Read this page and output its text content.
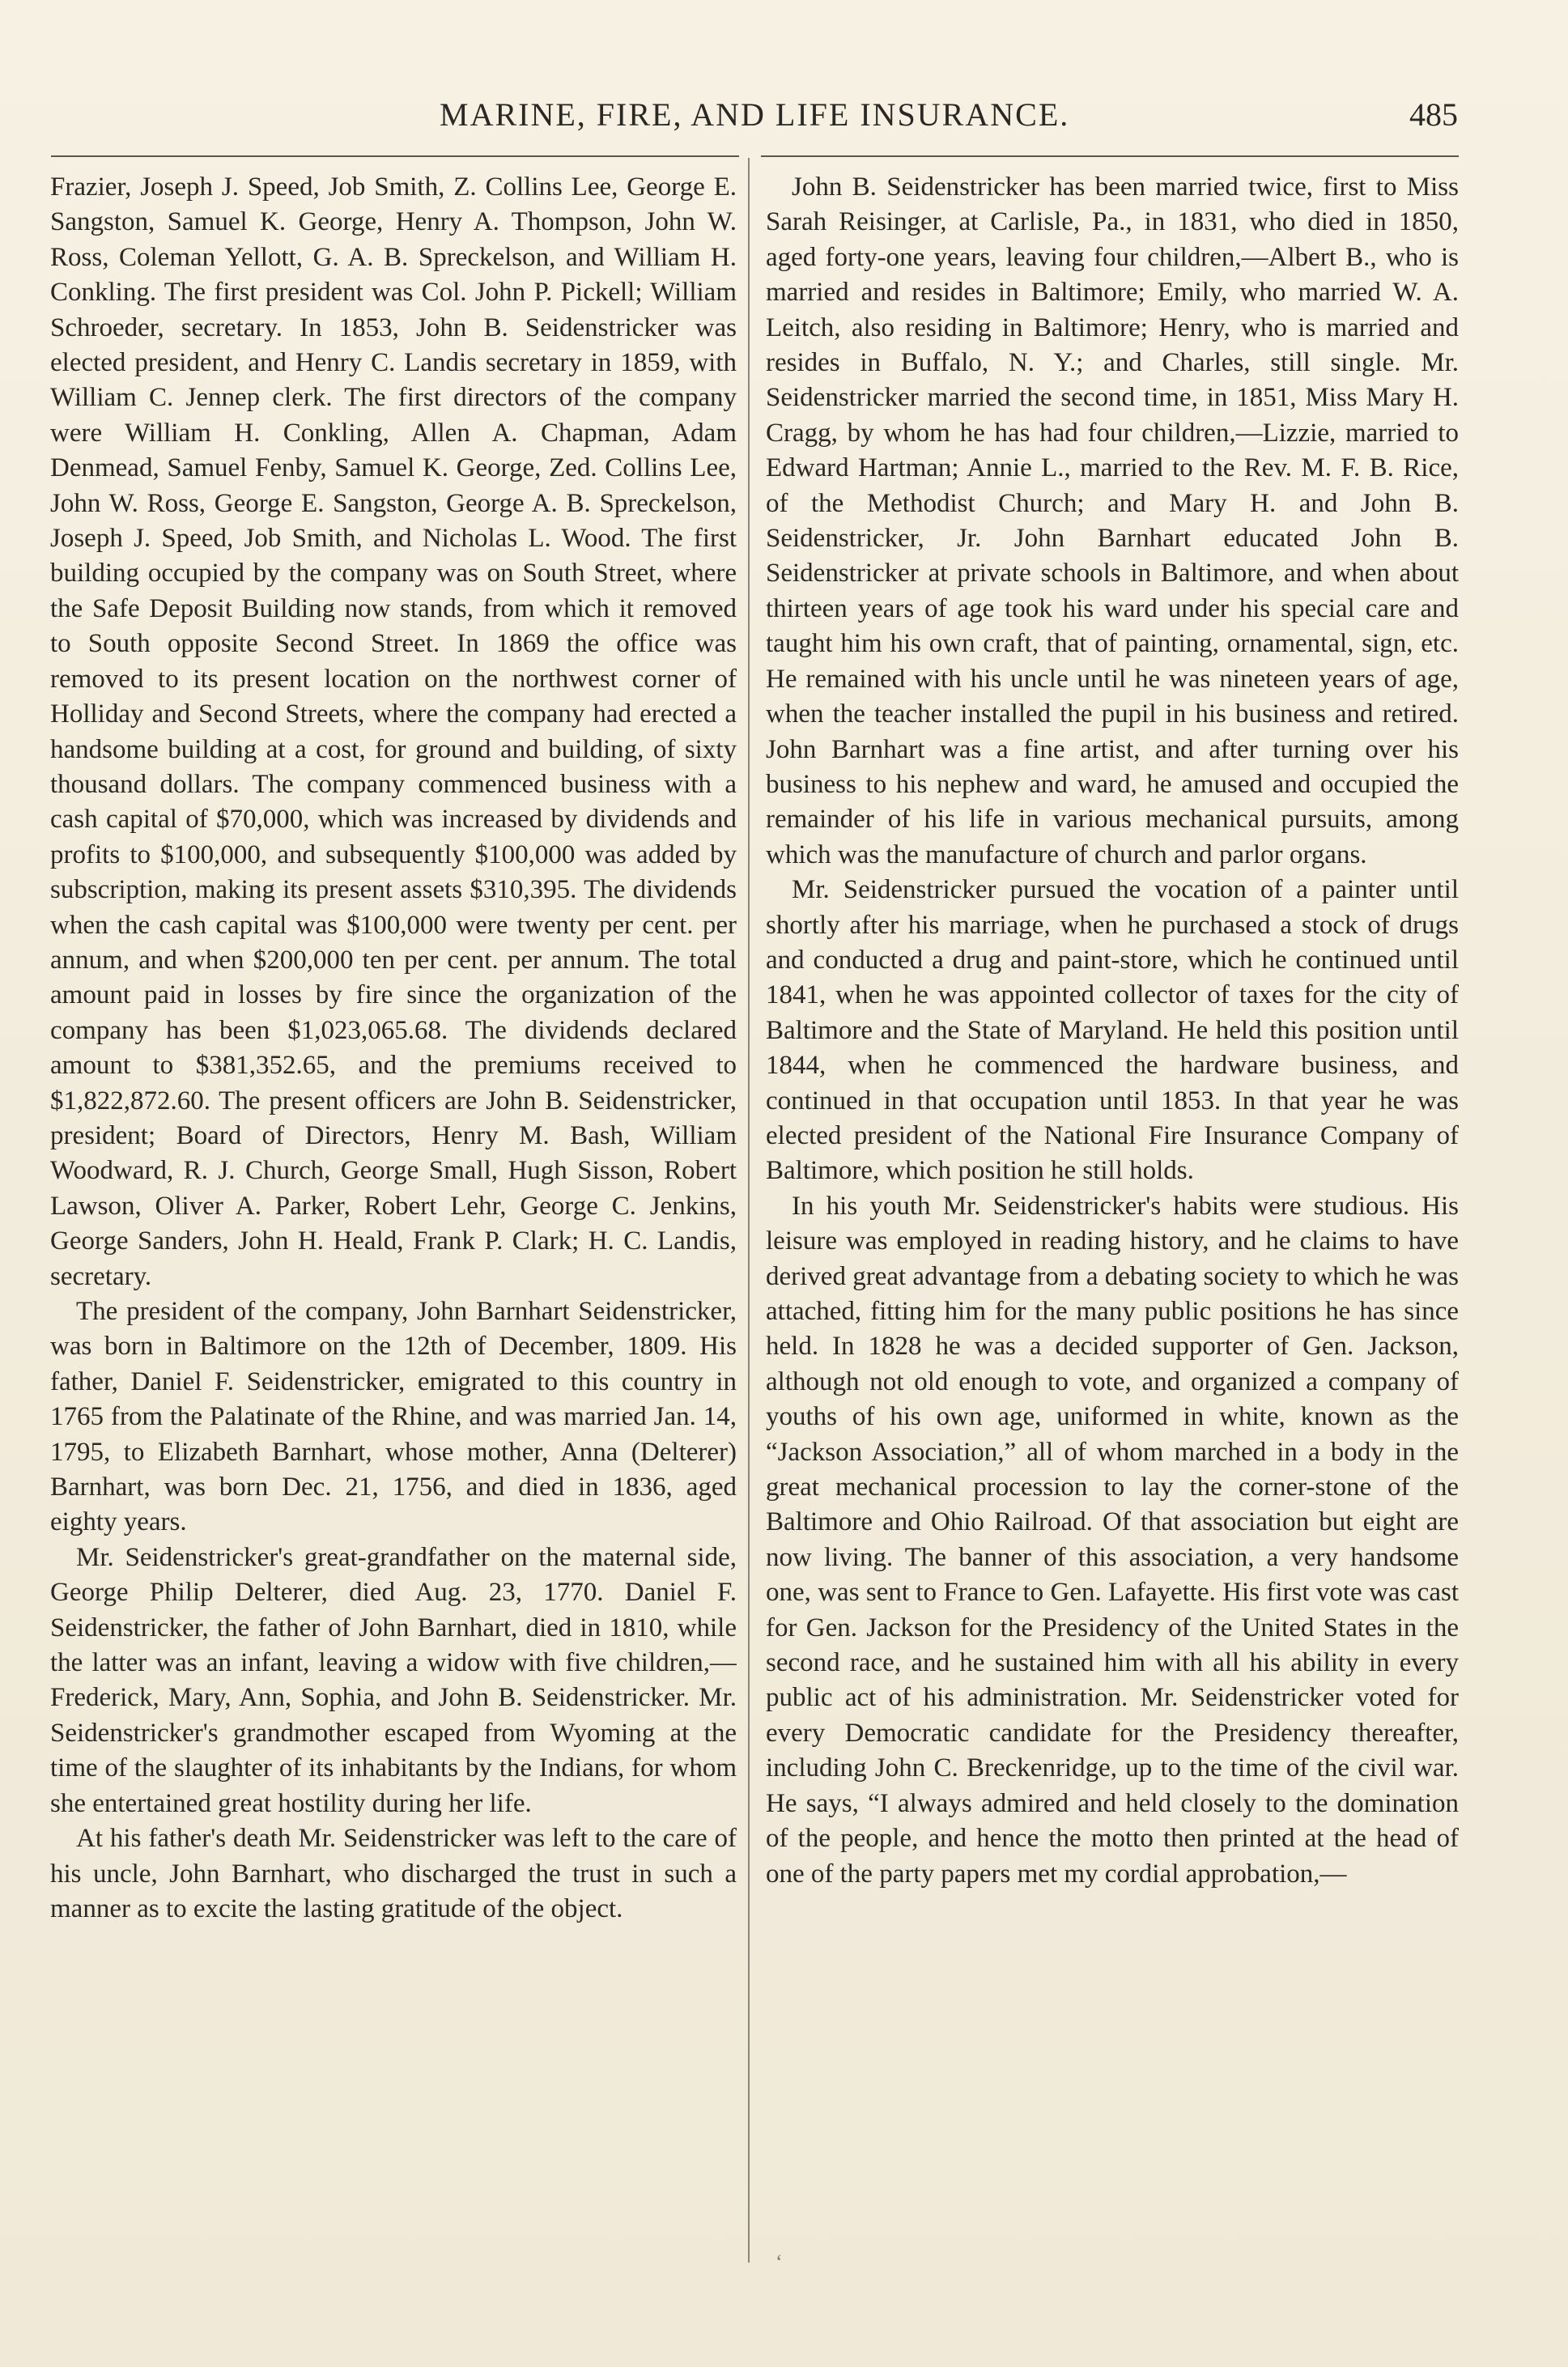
MARINE, FIRE, AND LIFE INSURANCE.	485

Frazier, Joseph J. Speed, Job Smith, Z. Collins Lee, George E. Sangston, Samuel K. George, Henry A. Thompson, John W. Ross, Coleman Yellott, G. A. B. Spreckelson, and William H. Conkling. The first president was Col. John P. Pickell; William Schroeder, secretary. In 1853, John B. Seidenstricker was elected president, and Henry C. Landis secretary in 1859, with William C. Jennep clerk. The first directors of the company were William H. Conkling, Allen A. Chapman, Adam Denmead, Samuel Fenby, Samuel K. George, Zed. Collins Lee, John W. Ross, George E. Sangston, George A. B. Spreckelson, Joseph J. Speed, Job Smith, and Nicholas L. Wood. The first building occupied by the company was on South Street, where the Safe Deposit Building now stands, from which it removed to South opposite Second Street. In 1869 the office was removed to its present location on the northwest corner of Holliday and Second Streets, where the company had erected a handsome building at a cost, for ground and building, of sixty thousand dollars. The company commenced business with a cash capital of $70,000, which was increased by dividends and profits to $100,000, and subsequently $100,000 was added by subscription, making its present assets $310,395. The dividends when the cash capital was $100,000 were twenty per cent. per annum, and when $200,000 ten per cent. per annum. The total amount paid in losses by fire since the organization of the company has been $1,023,065.68. The dividends declared amount to $381,352.65, and the premiums received to $1,822,872.60. The present officers are John B. Seidenstricker, president; Board of Directors, Henry M. Bash, William Woodward, R. J. Church, George Small, Hugh Sisson, Robert Lawson, Oliver A. Parker, Robert Lehr, George C. Jenkins, George Sanders, John H. Heald, Frank P. Clark; H. C. Landis, secretary.

The president of the company, John Barnhart Seidenstricker, was born in Baltimore on the 12th of December, 1809. His father, Daniel F. Seidenstricker, emigrated to this country in 1765 from the Palatinate of the Rhine, and was married Jan. 14, 1795, to Elizabeth Barnhart, whose mother, Anna (Delterer) Barnhart, was born Dec. 21, 1756, and died in 1836, aged eighty years.

Mr. Seidenstricker's great-grandfather on the maternal side, George Philip Delterer, died Aug. 23, 1770. Daniel F. Seidenstricker, the father of John Barnhart, died in 1810, while the latter was an infant, leaving a widow with five children,—Frederick, Mary, Ann, Sophia, and John B. Seidenstricker. Mr. Seidenstricker's grandmother escaped from Wyoming at the time of the slaughter of its inhabitants by the Indians, for whom she entertained great hostility during her life.

At his father's death Mr. Seidenstricker was left to the care of his uncle, John Barnhart, who discharged the trust in such a manner as to excite the lasting gratitude of the object.

John B. Seidenstricker has been married twice, first to Miss Sarah Reisinger, at Carlisle, Pa., in 1831, who died in 1850, aged forty-one years, leaving four children,—Albert B., who is married and resides in Baltimore; Emily, who married W. A. Leitch, also residing in Baltimore; Henry, who is married and resides in Buffalo, N. Y.; and Charles, still single. Mr. Seidenstricker married the second time, in 1851, Miss Mary H. Cragg, by whom he has had four children,—Lizzie, married to Edward Hartman; Annie L., married to the Rev. M. F. B. Rice, of the Methodist Church; and Mary H. and John B. Seidenstricker, Jr. John Barnhart educated John B. Seidenstricker at private schools in Baltimore, and when about thirteen years of age took his ward under his special care and taught him his own craft, that of painting, ornamental, sign, etc. He remained with his uncle until he was nineteen years of age, when the teacher installed the pupil in his business and retired. John Barnhart was a fine artist, and after turning over his business to his nephew and ward, he amused and occupied the remainder of his life in various mechanical pursuits, among which was the manufacture of church and parlor organs.

Mr. Seidenstricker pursued the vocation of a painter until shortly after his marriage, when he purchased a stock of drugs and conducted a drug and paint-store, which he continued until 1841, when he was appointed collector of taxes for the city of Baltimore and the State of Maryland. He held this position until 1844, when he commenced the hardware business, and continued in that occupation until 1853. In that year he was elected president of the National Fire Insurance Company of Baltimore, which position he still holds.

In his youth Mr. Seidenstricker's habits were studious. His leisure was employed in reading history, and he claims to have derived great advantage from a debating society to which he was attached, fitting him for the many public positions he has since held. In 1828 he was a decided supporter of Gen. Jackson, although not old enough to vote, and organized a company of youths of his own age, uniformed in white, known as the “Jackson Association,” all of whom marched in a body in the great mechanical procession to lay the corner-stone of the Baltimore and Ohio Railroad. Of that association but eight are now living. The banner of this association, a very handsome one, was sent to France to Gen. Lafayette. His first vote was cast for Gen. Jackson for the Presidency of the United States in the second race, and he sustained him with all his ability in every public act of his administration. Mr. Seidenstricker voted for every Democratic candidate for the Presidency thereafter, including John C. Breckenridge, up to the time of the civil war. He says, “I always admired and held closely to the domination of the people, and hence the motto then printed at the head of one of the party papers met my cordial approbation,—

‘
